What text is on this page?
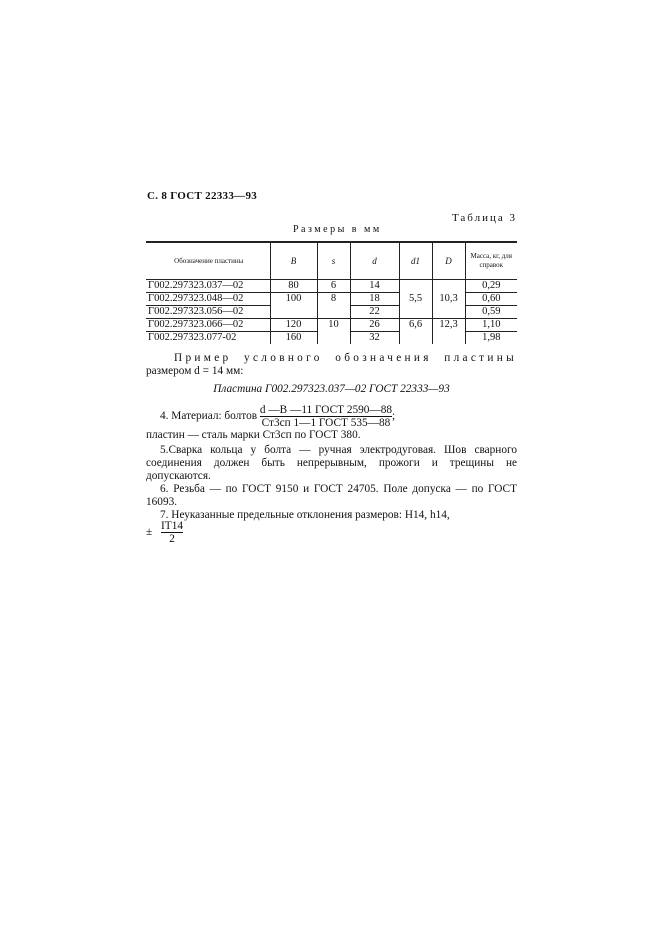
С. 8 ГОСТ 22333—93
Таблица 3
Размеры в мм
Обозначение пластины	B	s	d	d1	D	Масса, кг, для справок
Г002.297323.037—02	80	6	14	5,5	10,3	0,29
Г002.297323.048—02	100	8	18			0,60
Г002.297323.056—02			22			0,59
Г002.297323.066—02	120	10	26	6,6	12,3	1,10
Г002.297323.077-02	160		32			1,98
Пример условного обозначения пластины
размером d = 14 мм:
Пластина Г002.297323.037—02 ГОСТ 22333—93
4. Материал: болтов $\frac{\text{d —B —11 ГОСТ 2590—88}}{\text{Ст3сп 1—1 ГОСТ 535—88}}$ ;
пластин — сталь марки Ст3сп по ГОСТ 380.
5.Сварка кольца у болта — ручная электродуговая. Шов сварного соединения должен быть непрерывным, прожоги и трещины не допускаются.
6. Резьба — по ГОСТ 9150 и ГОСТ 24705. Поле допуска — по ГОСТ 16093.
7. Неуказанные предельные отклонения размеров: H14, h14,
± $\frac{IT14}{2}$
